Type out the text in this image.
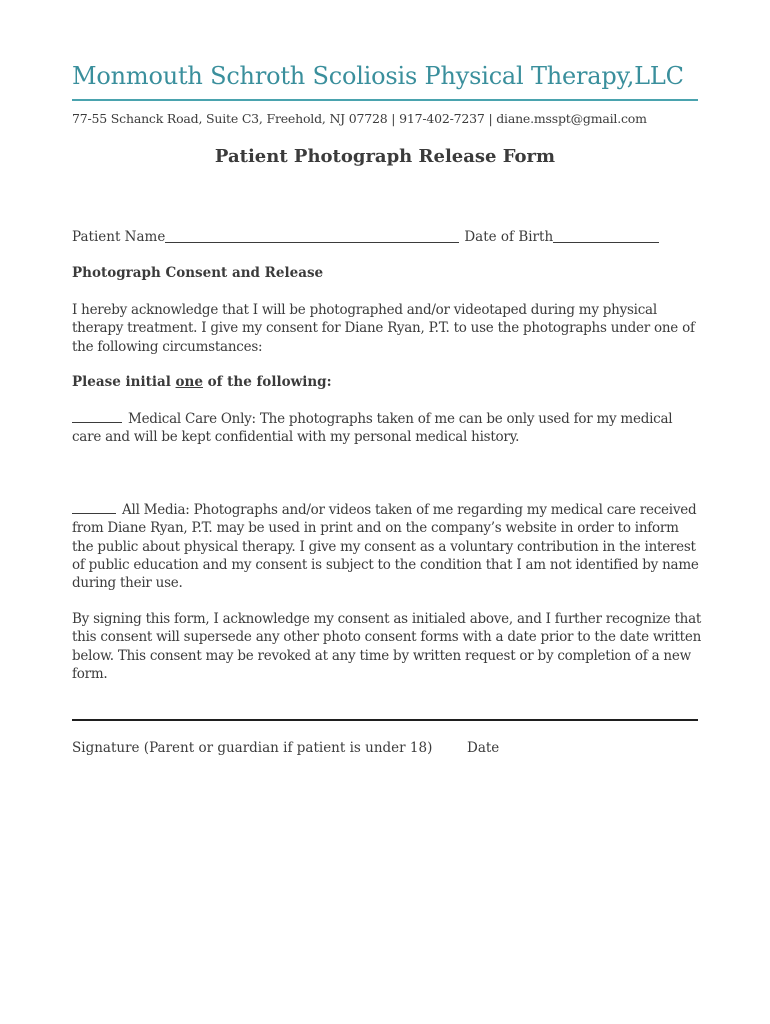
Monmouth Schroth Scoliosis Physical Therapy,LLC
77-55 Schanck Road, Suite C3, Freehold, NJ 07728 | 917-402-7237 | diane.msspt@gmail.com
Patient Photograph Release Form
Patient Name	Date of Birth
Photograph Consent and Release
I hereby acknowledge that I will be photographed and/or videotaped during my physical therapy treatment. I give my consent for Diane Ryan, P.T. to use the photographs under one of the following circumstances:
Please initial one of the following:
Medical Care Only: The photographs taken of me can be only used for my medical care and will be kept confidential with my personal medical history.
All Media: Photographs and/or videos taken of me regarding my medical care received from Diane Ryan, P.T. may be used in print and on the company’s website in order to inform the public about physical therapy. I give my consent as a voluntary contribution in the interest of public education and my consent is subject to the condition that I am not identified by name during their use.
By signing this form, I acknowledge my consent as initialed above, and I further recognize that this consent will supersede any other photo consent forms with a date prior to the date written below. This consent may be revoked at any time by written request or by completion of a new form.
Signature (Parent or guardian if patient is under 18)	Date
